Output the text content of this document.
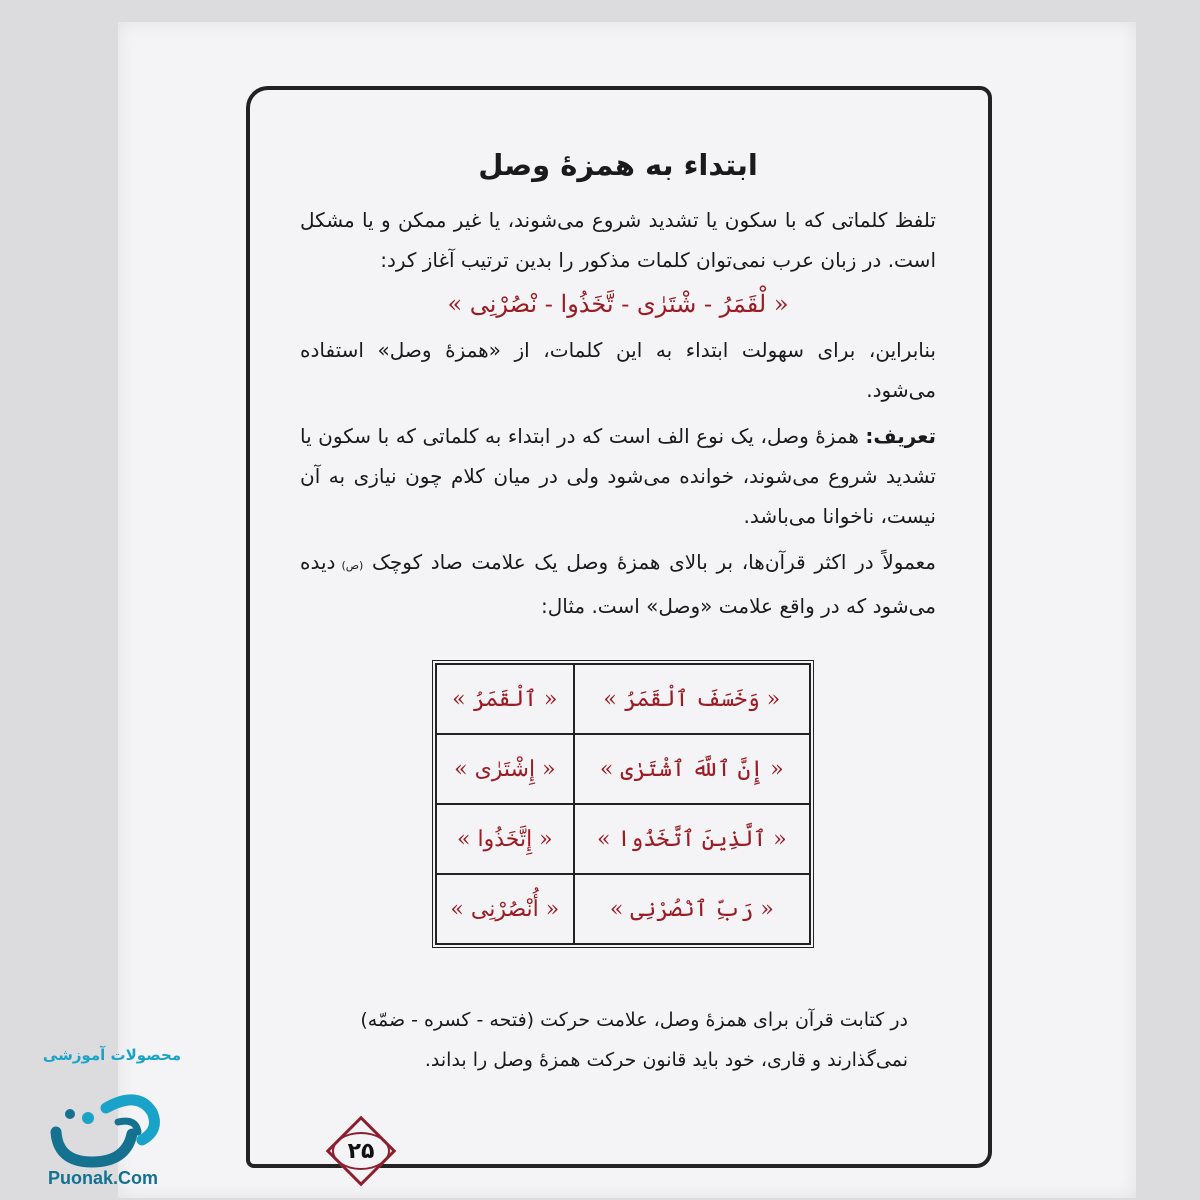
ابتداء به همزهٔ وصل
تلفظ کلماتی که با سکون یا تشدید شروع می‌شوند، یا غیر ممکن و یا مشکل است. در زبان عرب نمی‌توان کلمات مذکور را بدین ترتیب آغاز کرد:
« لْقَمَرُ - شْتَرٰى - تَّخَذُوا - نْصُرْنِى »
بنابراین، برای سهولت ابتداء به این کلمات، از «همزهٔ وصل» استفاده می‌شود.
تعریف: همزهٔ وصل، یک نوع الف است که در ابتداء به کلماتی که با سکون یا تشدید شروع می‌شوند، خوانده می‌شود ولی در میان کلام چون نیازی به آن نیست، ناخوانا می‌باشد.
معمولاً در اکثر قرآن‌ها، بر بالای همزهٔ وصل یک علامت صاد کوچک (ص)دیده می‌شود که در واقع علامت «وصل» است. مثال:
« وَخَسَفَ ٱلْقَمَرُ »	« ٱلْقَمَرُ »
« إِنَّ ٱللَّهَ ٱشْتَرٰى »	« إِشْتَرٰى »
« ٱلَّذِينَ ٱتَّخَذُوا »	« إِتَّخَذُوا »
« رَبِّ ٱنْصُرْنِى »	« أُنْصُرْنِى »
در کتابت قرآن برای همزهٔ وصل، علامت حرکت (فتحه - کسره - ضمّه) نمی‌گذارند و قاری، خود باید قانون حرکت همزهٔ وصل را بداند.
۲۵
محصولات آموزشی
پونک
Puonak.Com
